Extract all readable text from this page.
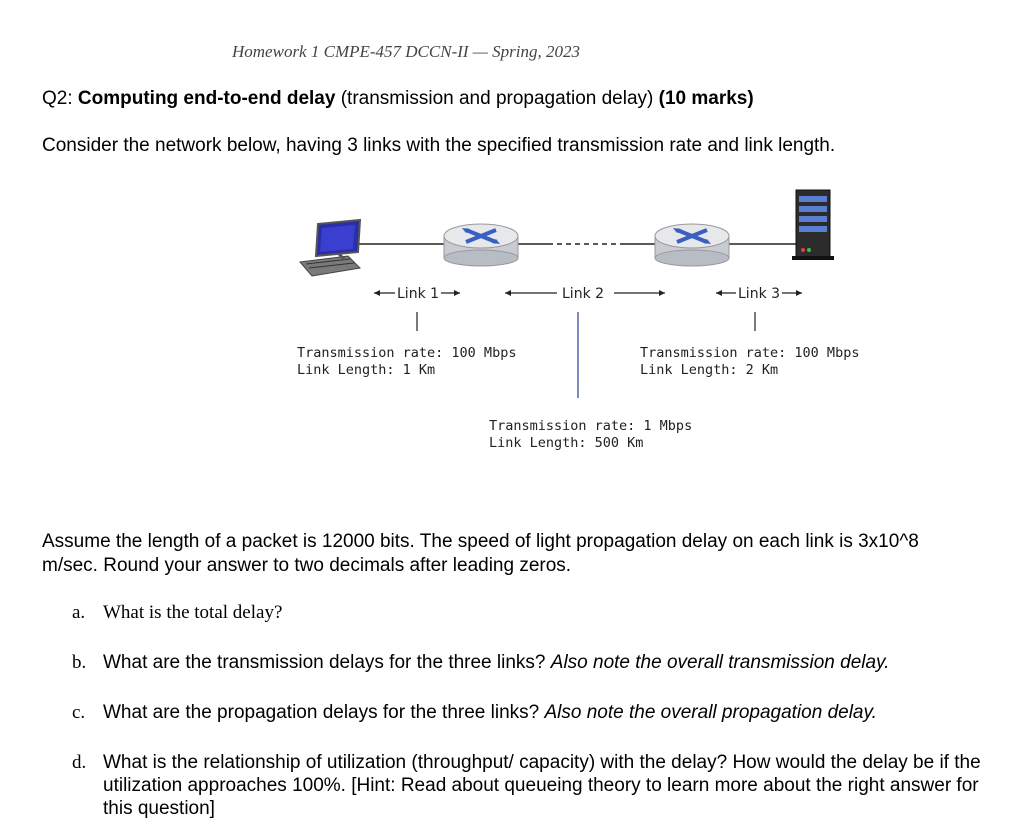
Homework 1 CMPE-457 DCCN-II — Spring, 2023
Q2: Computing end-to-end delay (transmission and propagation delay) (10 marks)
Consider the network below, having 3 links with the specified transmission rate and link length.
Link 1	Link 2	Link 3
Transmission rate: 100 Mbps
Link Length: 1 Km
Transmission rate: 100 Mbps
Link Length: 2 Km
Transmission rate: 1 Mbps
Link Length: 500 Km
Assume the length of a packet is 12000 bits. The speed of light propagation delay on each link is 3x10^8
m/sec. Round your answer to two decimals after leading zeros.
a. What is the total delay?
b. What are the transmission delays for the three links? Also note the overall transmission delay.
c. What are the propagation delays for the three links? Also note the overall propagation delay.
d. What is the relationship of utilization (throughput/ capacity) with the delay? How would the delay be if the utilization approaches 100%. [Hint: Read about queueing theory to learn more about the right answer for this question]
